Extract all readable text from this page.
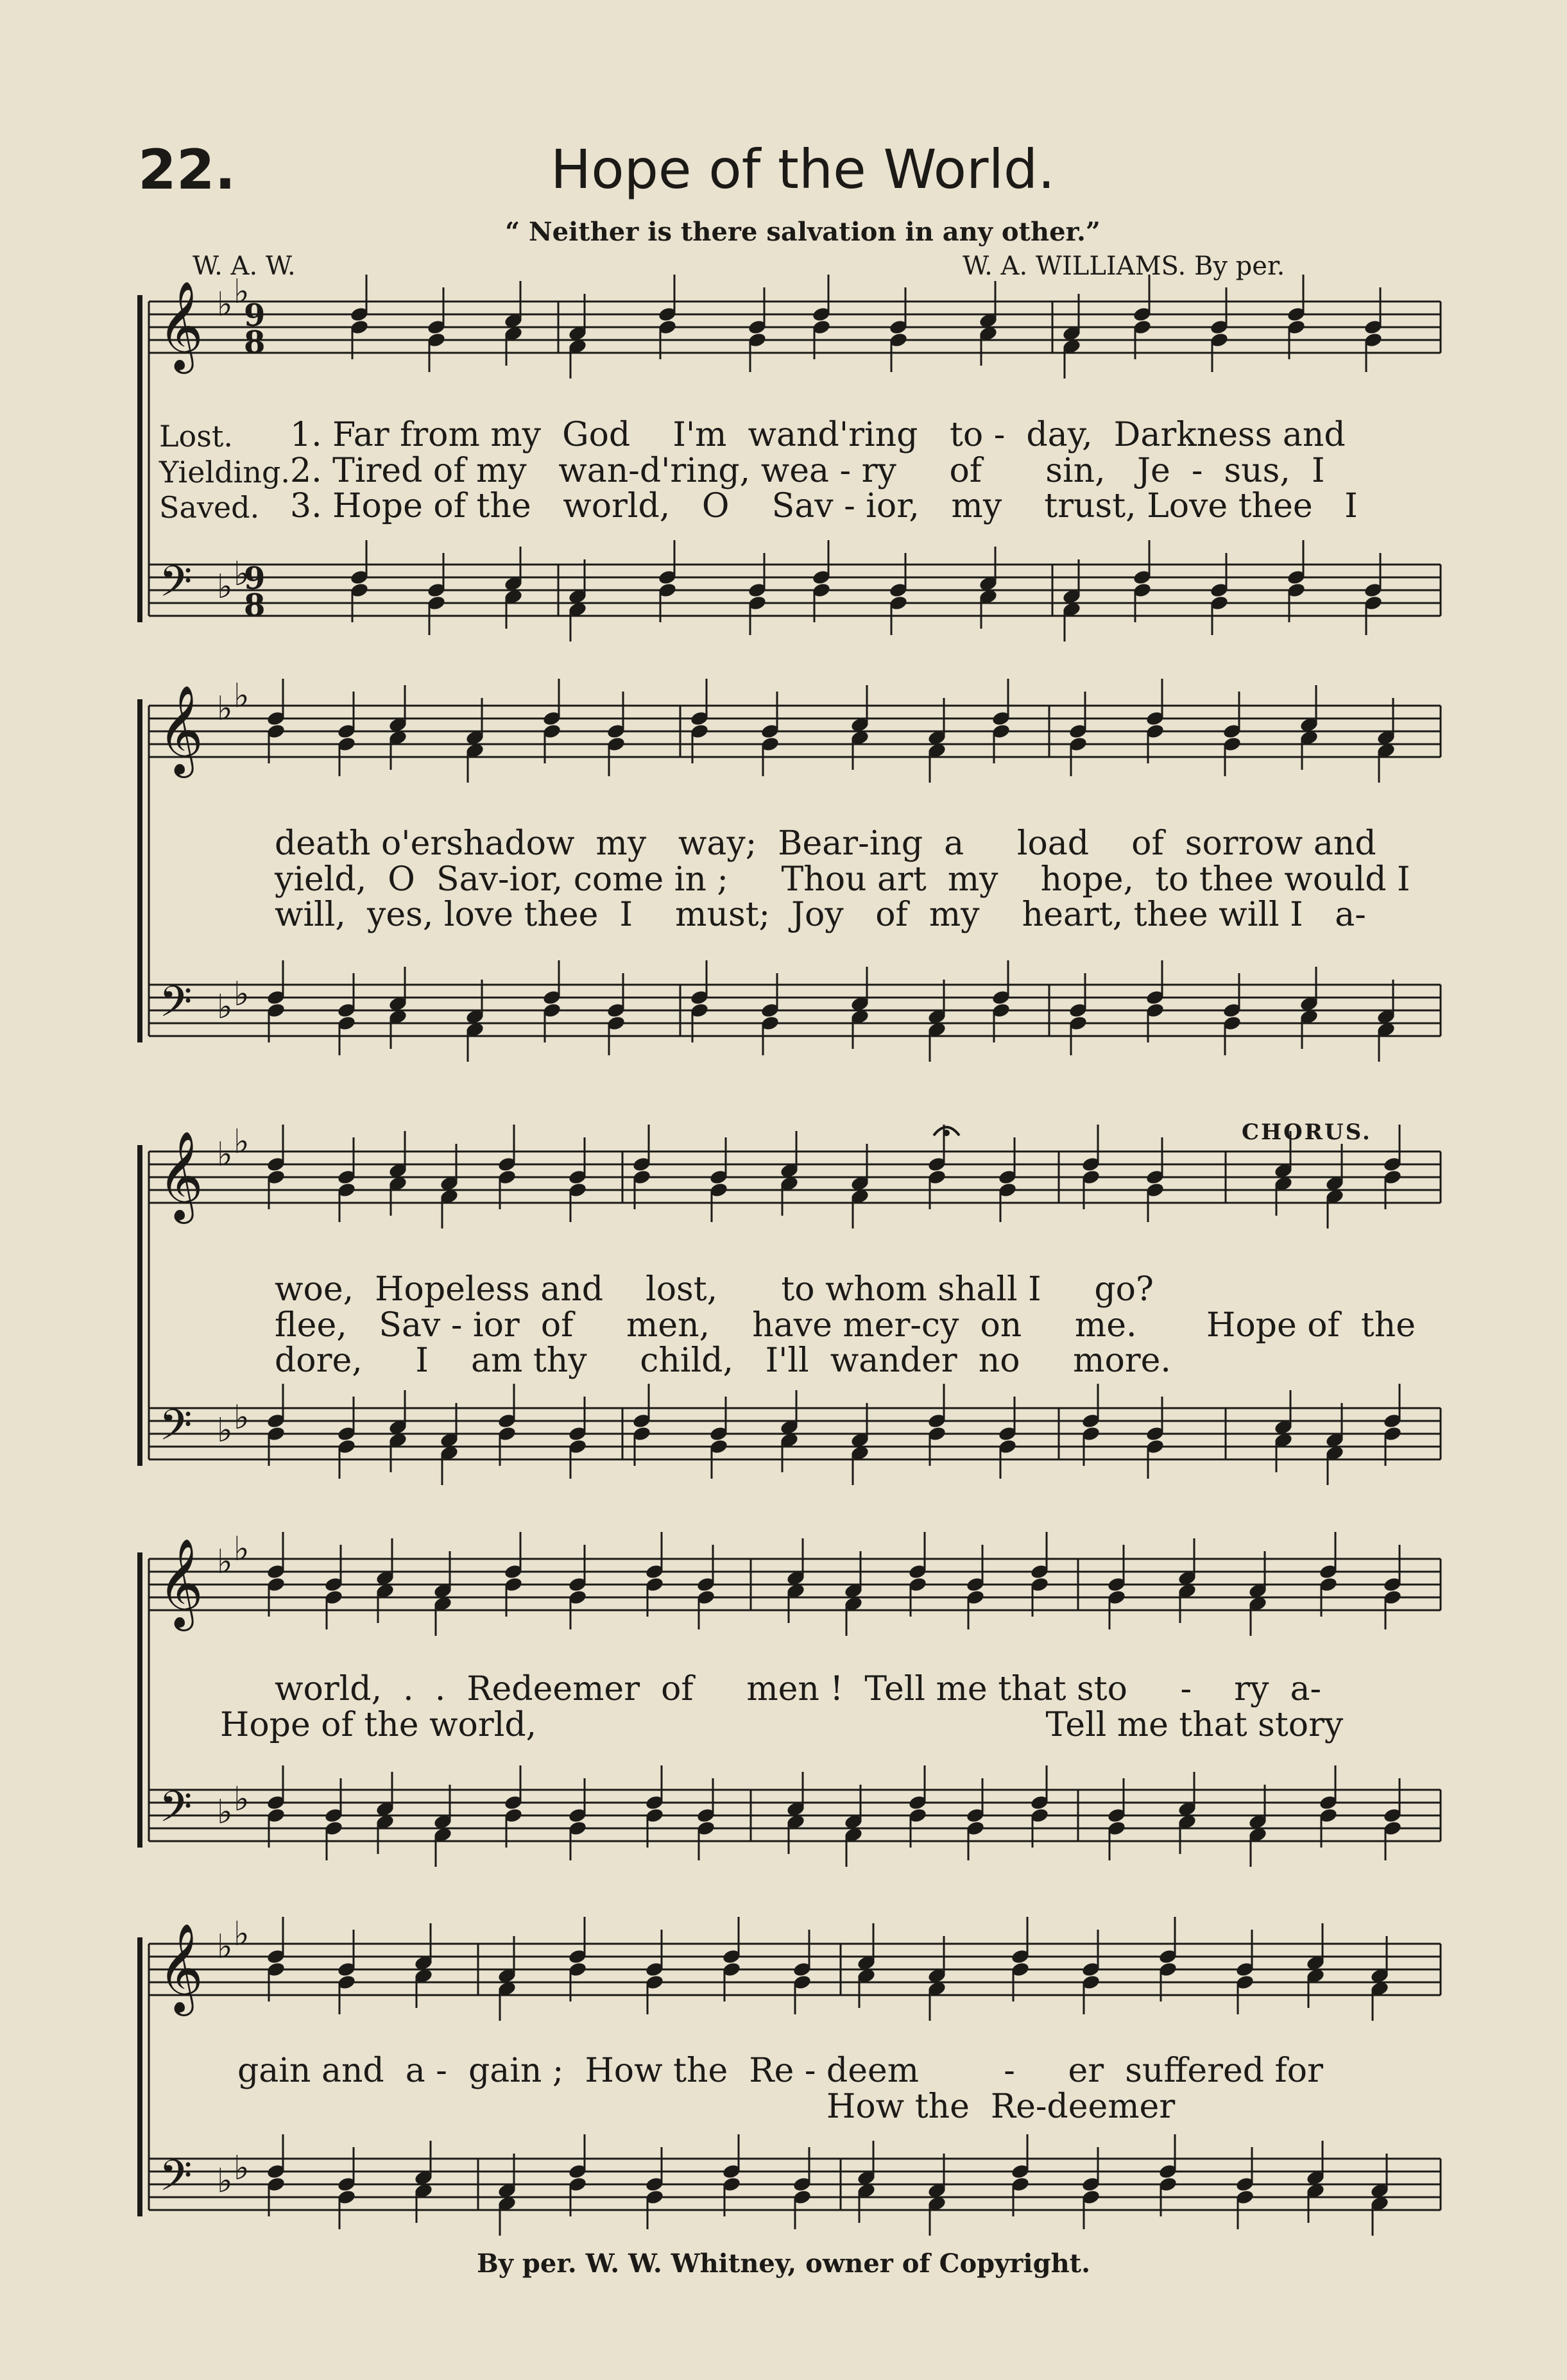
𝄞
𝄢
♭ ♭
♭ ♭
𝄞
𝄢
♭ ♭
♭ ♭
𝄞
𝄢
♭ ♭
♭ ♭
𝄞
𝄢
♭ ♭
♭ ♭
𝄞
𝄢
♭ ♭
♭ ♭
9
8
9
8
22.	Hope of the World.
“ Neither is there salvation in any other.”
W. A. W.	W. A. WILLIAMS. By per.
Lost.
Yielding.
Saved.
1. Far from my  God    I'm  wand'ring   to -  day,  Darkness and
2. Tired of my   wan-d'ring, wea - ry     of      sin,   Je  -  sus,  I
3. Hope of the   world,   O    Sav - ior,   my    trust, Love thee   I
death o'ershadow  my   way;  Bear-ing  a     load    of  sorrow and
yield,  O  Sav-ior, come in ;     Thou art  my    hope,  to thee would I
will,  yes, love thee  I    must;  Joy   of  my    heart, thee will I   a-
CHORUS.
woe,  Hopeless and    lost,      to whom shall I     go?
flee,   Sav - ior  of     men,    have mer-cy  on     me.
dore,     I    am thy     child,   I'll  wander  no     more.
Hope of  the
world,  .  .  Redeemer  of     men !  Tell me that sto     -    ry  a-
Hope of the world,                                                Tell me that story
gain and  a -  gain ;  How the  Re - deem        -     er  suffered for
How the  Re-deemer
By per. W. W. Whitney, owner of Copyright.
